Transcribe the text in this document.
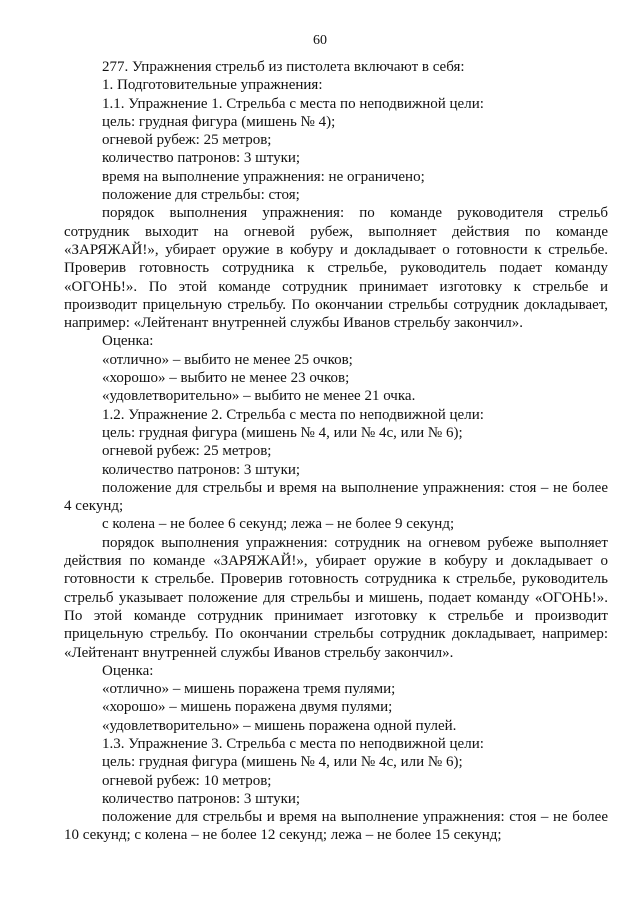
60

277. Упражнения стрельб из пистолета включают в себя:

1. Подготовительные упражнения:

1.1. Упражнение 1. Стрельба с места по неподвижной цели:

цель: грудная фигура (мишень № 4);

огневой рубеж: 25 метров;

количество патронов: 3 штуки;

время на выполнение упражнения: не ограничено;

положение для стрельбы: стоя;

порядок выполнения упражнения: по команде руководителя стрельб сотрудник выходит на огневой рубеж, выполняет действия по команде «ЗАРЯЖАЙ!», убирает оружие в кобуру и докладывает о готовности к стрельбе. Проверив готовность сотрудника к стрельбе, руководитель подает команду «ОГОНЬ!». По этой команде сотрудник принимает изготовку к стрельбе и производит прицельную стрельбу. По окончании стрельбы сотрудник докладывает, например: «Лейтенант внутренней службы Иванов стрельбу закончил».

Оценка:

«отлично» – выбито не менее 25 очков;

«хорошо» – выбито не менее 23 очков;

«удовлетворительно» – выбито не менее 21 очка.

1.2. Упражнение 2. Стрельба с места по неподвижной цели:

цель: грудная фигура (мишень № 4, или № 4с, или № 6);

огневой рубеж: 25 метров;

количество патронов: 3 штуки;

положение для стрельбы и время на выполнение упражнения: стоя – не более 4 секунд;

с колена – не более 6 секунд; лежа – не более 9 секунд;

порядок выполнения упражнения: сотрудник на огневом рубеже выполняет действия по команде «ЗАРЯЖАЙ!», убирает оружие в кобуру и докладывает о готовности к стрельбе. Проверив готовность сотрудника к стрельбе, руководитель стрельб указывает положение для стрельбы и мишень, подает команду «ОГОНЬ!». По этой команде сотрудник принимает изготовку к стрельбе и производит прицельную стрельбу. По окончании стрельбы сотрудник докладывает, например: «Лейтенант внутренней службы Иванов стрельбу закончил».

Оценка:

«отлично» – мишень поражена тремя пулями;

«хорошо» – мишень поражена двумя пулями;

«удовлетворительно» – мишень поражена одной пулей.

1.3. Упражнение 3. Стрельба с места по неподвижной цели:

цель: грудная фигура (мишень № 4, или № 4с, или № 6);

огневой рубеж: 10 метров;

количество патронов: 3 штуки;

положение для стрельбы и время на выполнение упражнения: стоя – не более 10 секунд; с колена – не более 12 секунд; лежа – не более 15 секунд;
